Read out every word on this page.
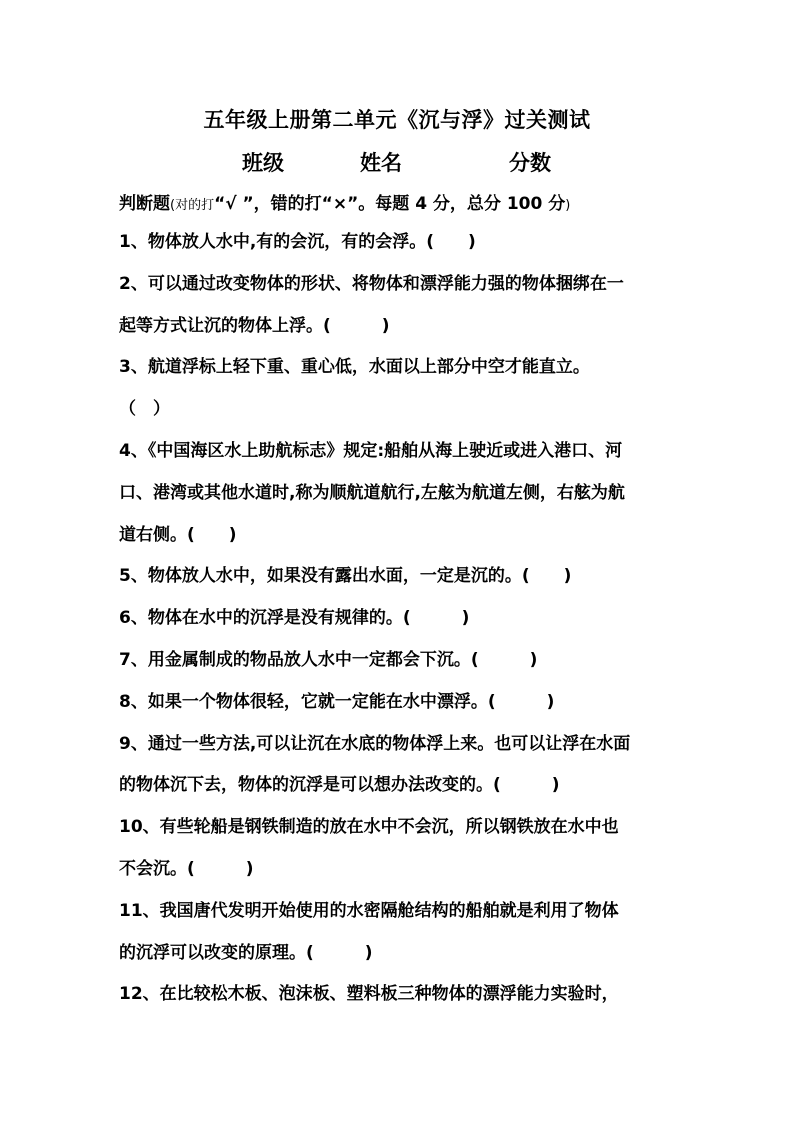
五年级上册第二单元《沉与浮》过关测试
班级	姓名	分数
判断题(对的打“√ ”，错的打“×”。每题 4 分，总分 100 分)
1、物体放人水中,有的会沉，有的会浮。(　　)
2、可以通过改变物体的形状、将物体和漂浮能力强的物体捆绑在一
起等方式让沉的物体上浮。(　　　)
3、航道浮标上轻下重、重心低，水面以上部分中空才能直立。
（　）
4、《中国海区水上助航标志》规定:船舶从海上驶近或进入港口、河
口、港湾或其他水道时,称为顺航道航行,左舷为航道左侧，右舷为航
道右侧。(　　)
5、物体放人水中，如果没有露出水面，一定是沉的。(　　)
6、物体在水中的沉浮是没有规律的。(　　　)
7、用金属制成的物品放人水中一定都会下沉。(　　　)
8、如果一个物体很轻，它就一定能在水中漂浮。(　　　)
9、通过一些方法,可以让沉在水底的物体浮上来。也可以让浮在水面
的物体沉下去，物体的沉浮是可以想办法改变的。(　　　)
10、有些轮船是钢铁制造的放在水中不会沉，所以钢铁放在水中也
不会沉。(　　　)
11、我国唐代发明开始使用的水密隔舱结构的船舶就是利用了物体
的沉浮可以改变的原理。(　　　)
12、在比较松木板、泡沫板、塑料板三种物体的漂浮能力实验时，
